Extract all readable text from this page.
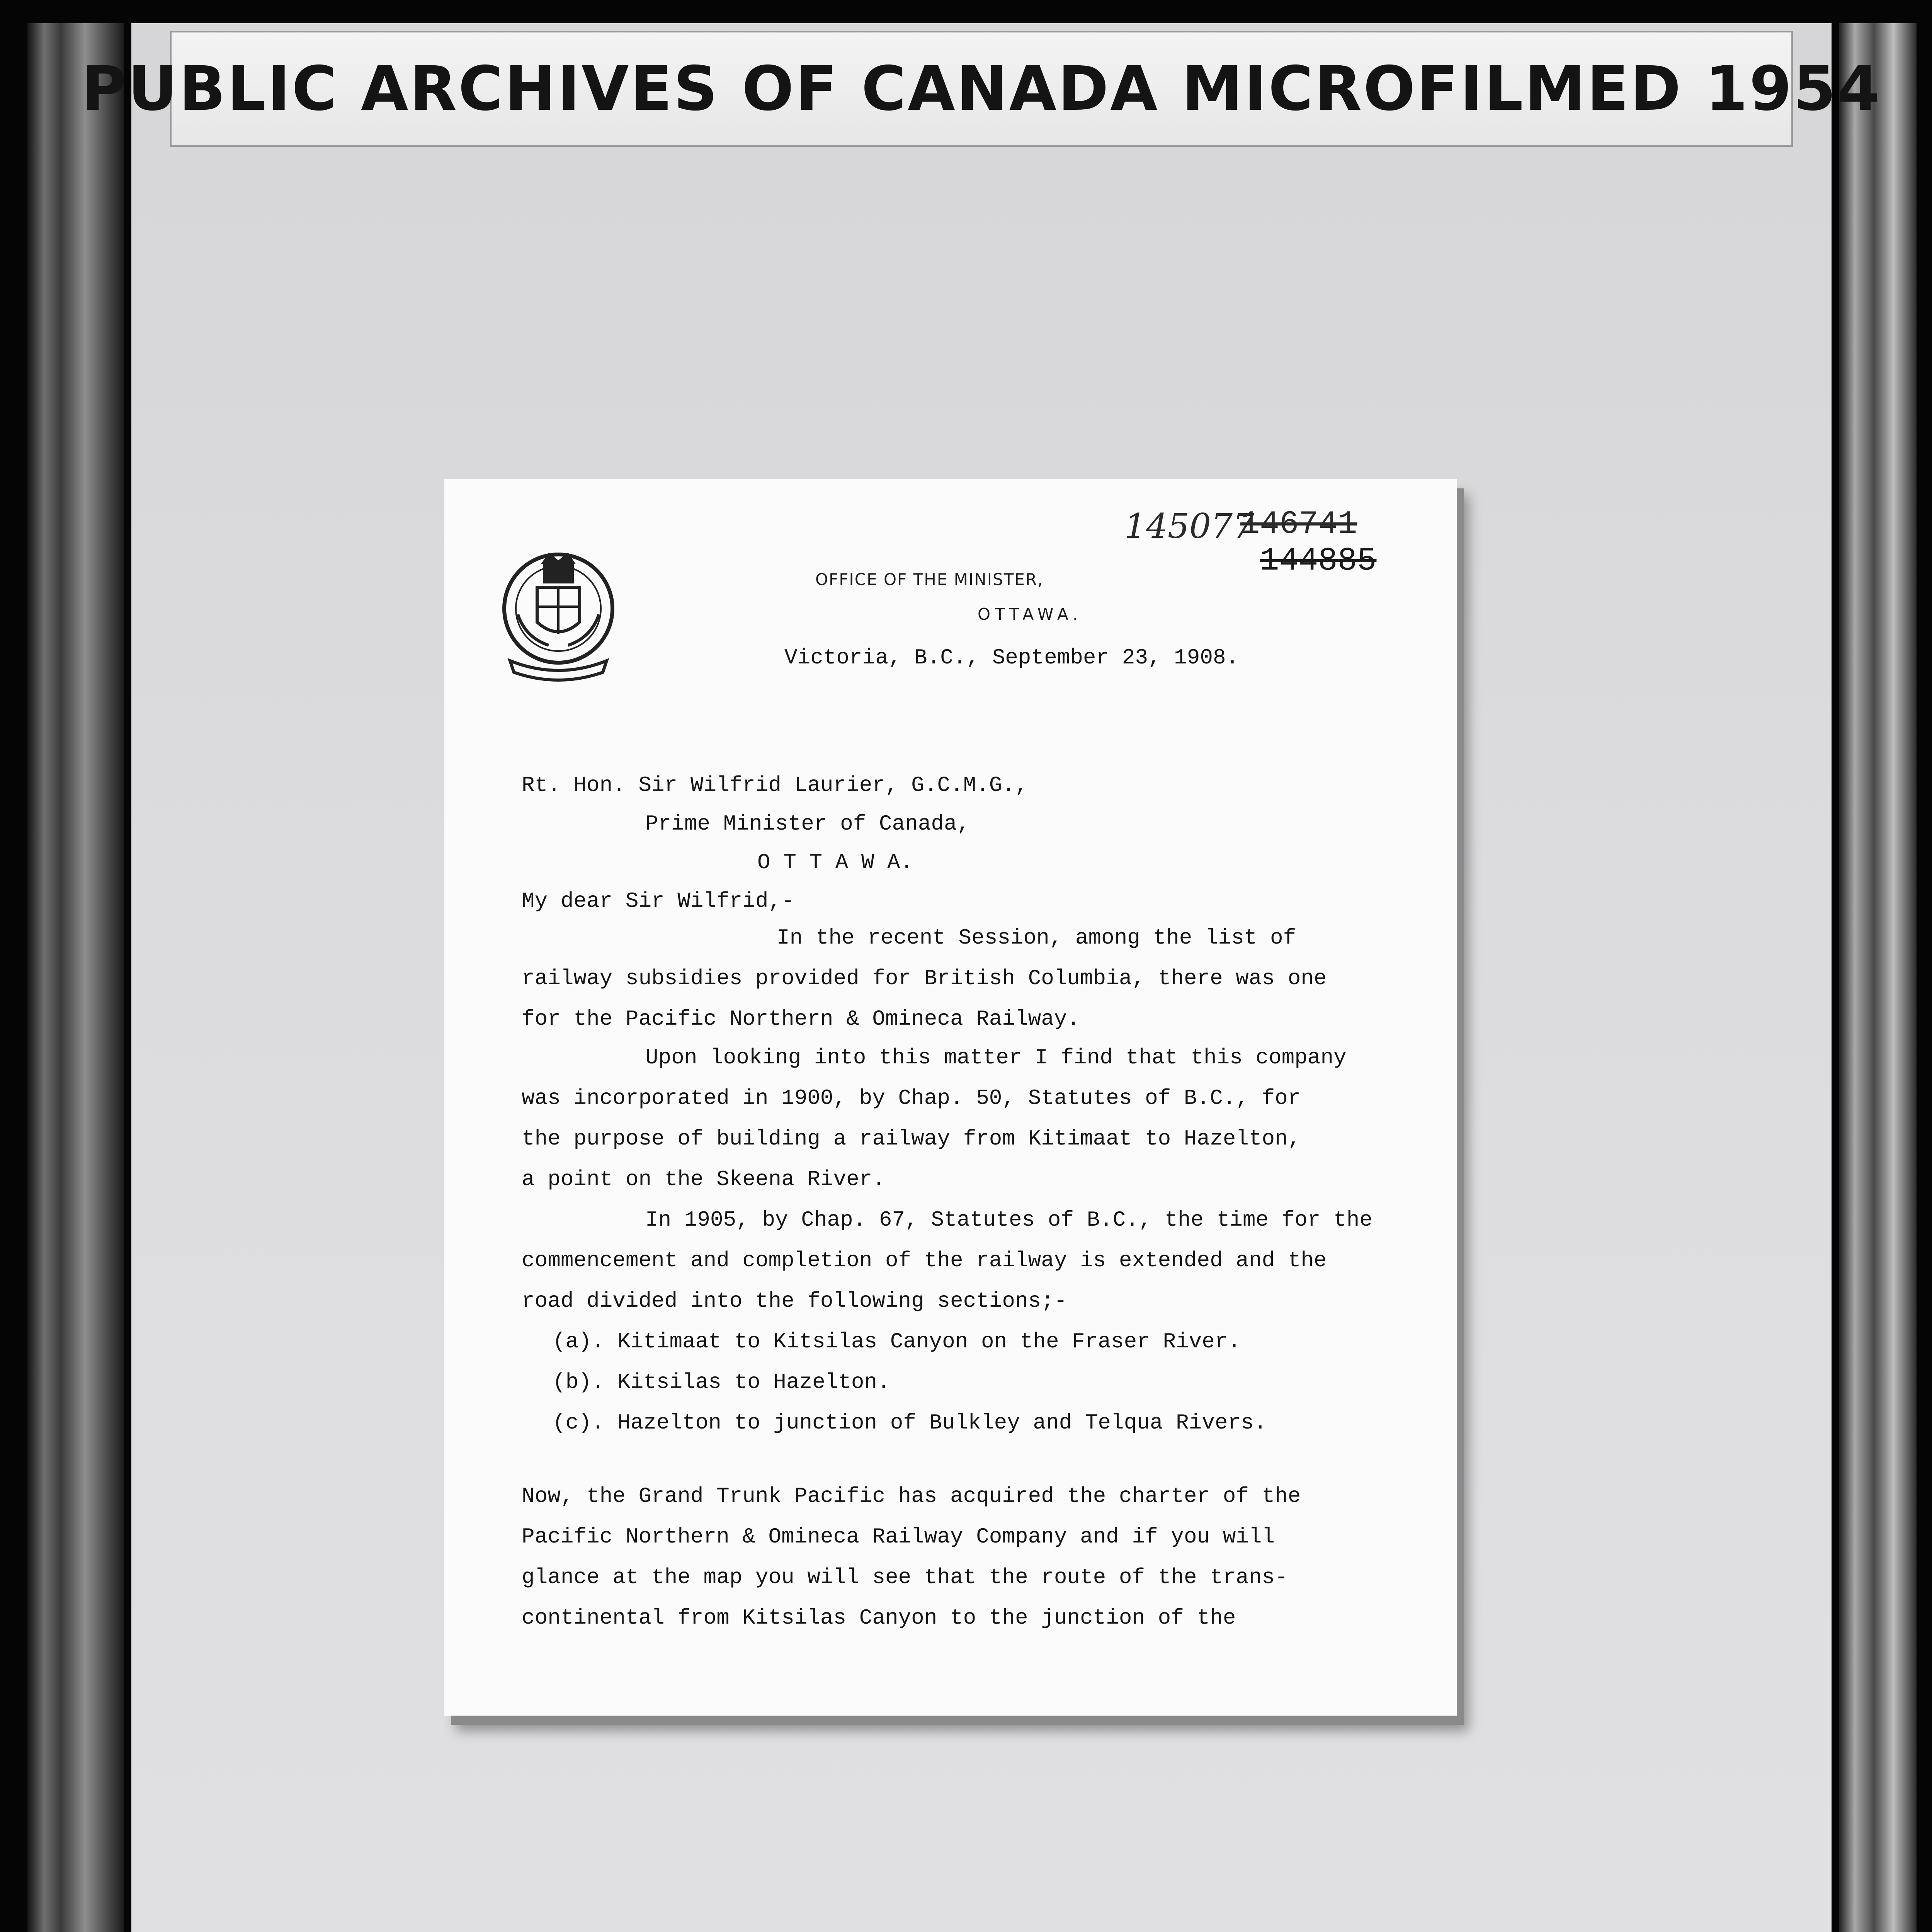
PUBLIC ARCHIVES OF CANADA MICROFILMED 1954
145077
146741
144885
OFFICE OF THE MINISTER,
OTTAWA.
Victoria, B.C., September 23, 1908.
Rt. Hon. Sir Wilfrid Laurier, G.C.M.G.,
Prime Minister of Canada,
O T T A W A.
My dear Sir Wilfrid,-
In the recent Session, among the list of
railway subsidies provided for British Columbia, there was one
for the Pacific Northern & Omineca Railway.
Upon looking into this matter I find that this company
was incorporated in 1900, by Chap. 50, Statutes of B.C., for
the purpose of building a railway from Kitimaat to Hazelton,
a point on the Skeena River.
In 1905, by Chap. 67, Statutes of B.C., the time for the
commencement and completion of the railway is extended and the
road divided into the following sections;-
(a). Kitimaat to Kitsilas Canyon on the Fraser River.
(b). Kitsilas to Hazelton.
(c). Hazelton to junction of Bulkley and Telqua Rivers.
Now, the Grand Trunk Pacific has acquired the charter of the
Pacific Northern & Omineca Railway Company and if you will
glance at the map you will see that the route of the trans-
continental from Kitsilas Canyon to the junction of the
